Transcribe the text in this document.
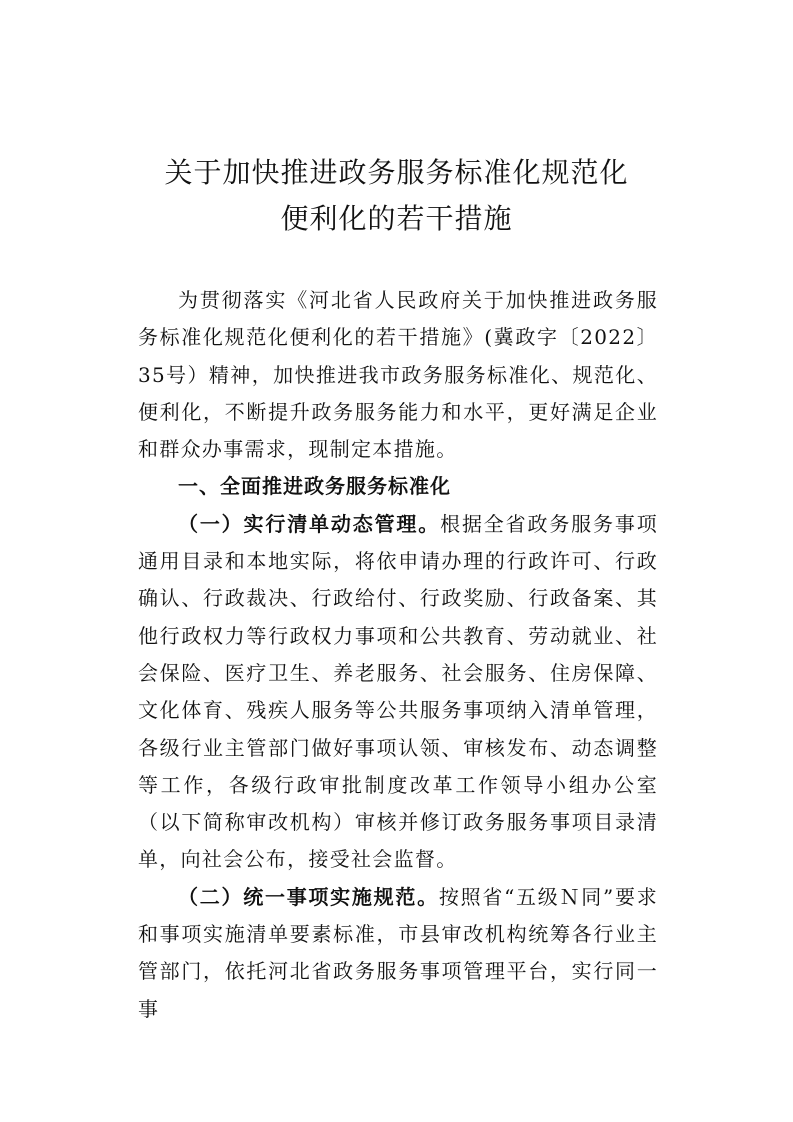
关于加快推进政务服务标准化规范化
便利化的若干措施

为贯彻落实《河北省人民政府关于加快推进政务服务标准化规范化便利化的若干措施》(冀政字〔2022〕35号）精神，加快推进我市政务服务标准化、规范化、便利化，不断提升政务服务能力和水平，更好满足企业和群众办事需求，现制定本措施。

一、全面推进政务服务标准化

（一）实行清单动态管理。根据全省政务服务事项通用目录和本地实际，将依申请办理的行政许可、行政确认、行政裁决、行政给付、行政奖励、行政备案、其他行政权力等行政权力事项和公共教育、劳动就业、社会保险、医疗卫生、养老服务、社会服务、住房保障、文化体育、残疾人服务等公共服务事项纳入清单管理，各级行业主管部门做好事项认领、审核发布、动态调整等工作，各级行政审批制度改革工作领导小组办公室（以下简称审改机构）审核并修订政务服务事项目录清单，向社会公布，接受社会监督。

（二）统一事项实施规范。按照省“五级Ｎ同”要求和事项实施清单要素标准，市县审改机构统筹各行业主管部门，依托河北省政务服务事项管理平台，实行同一事
